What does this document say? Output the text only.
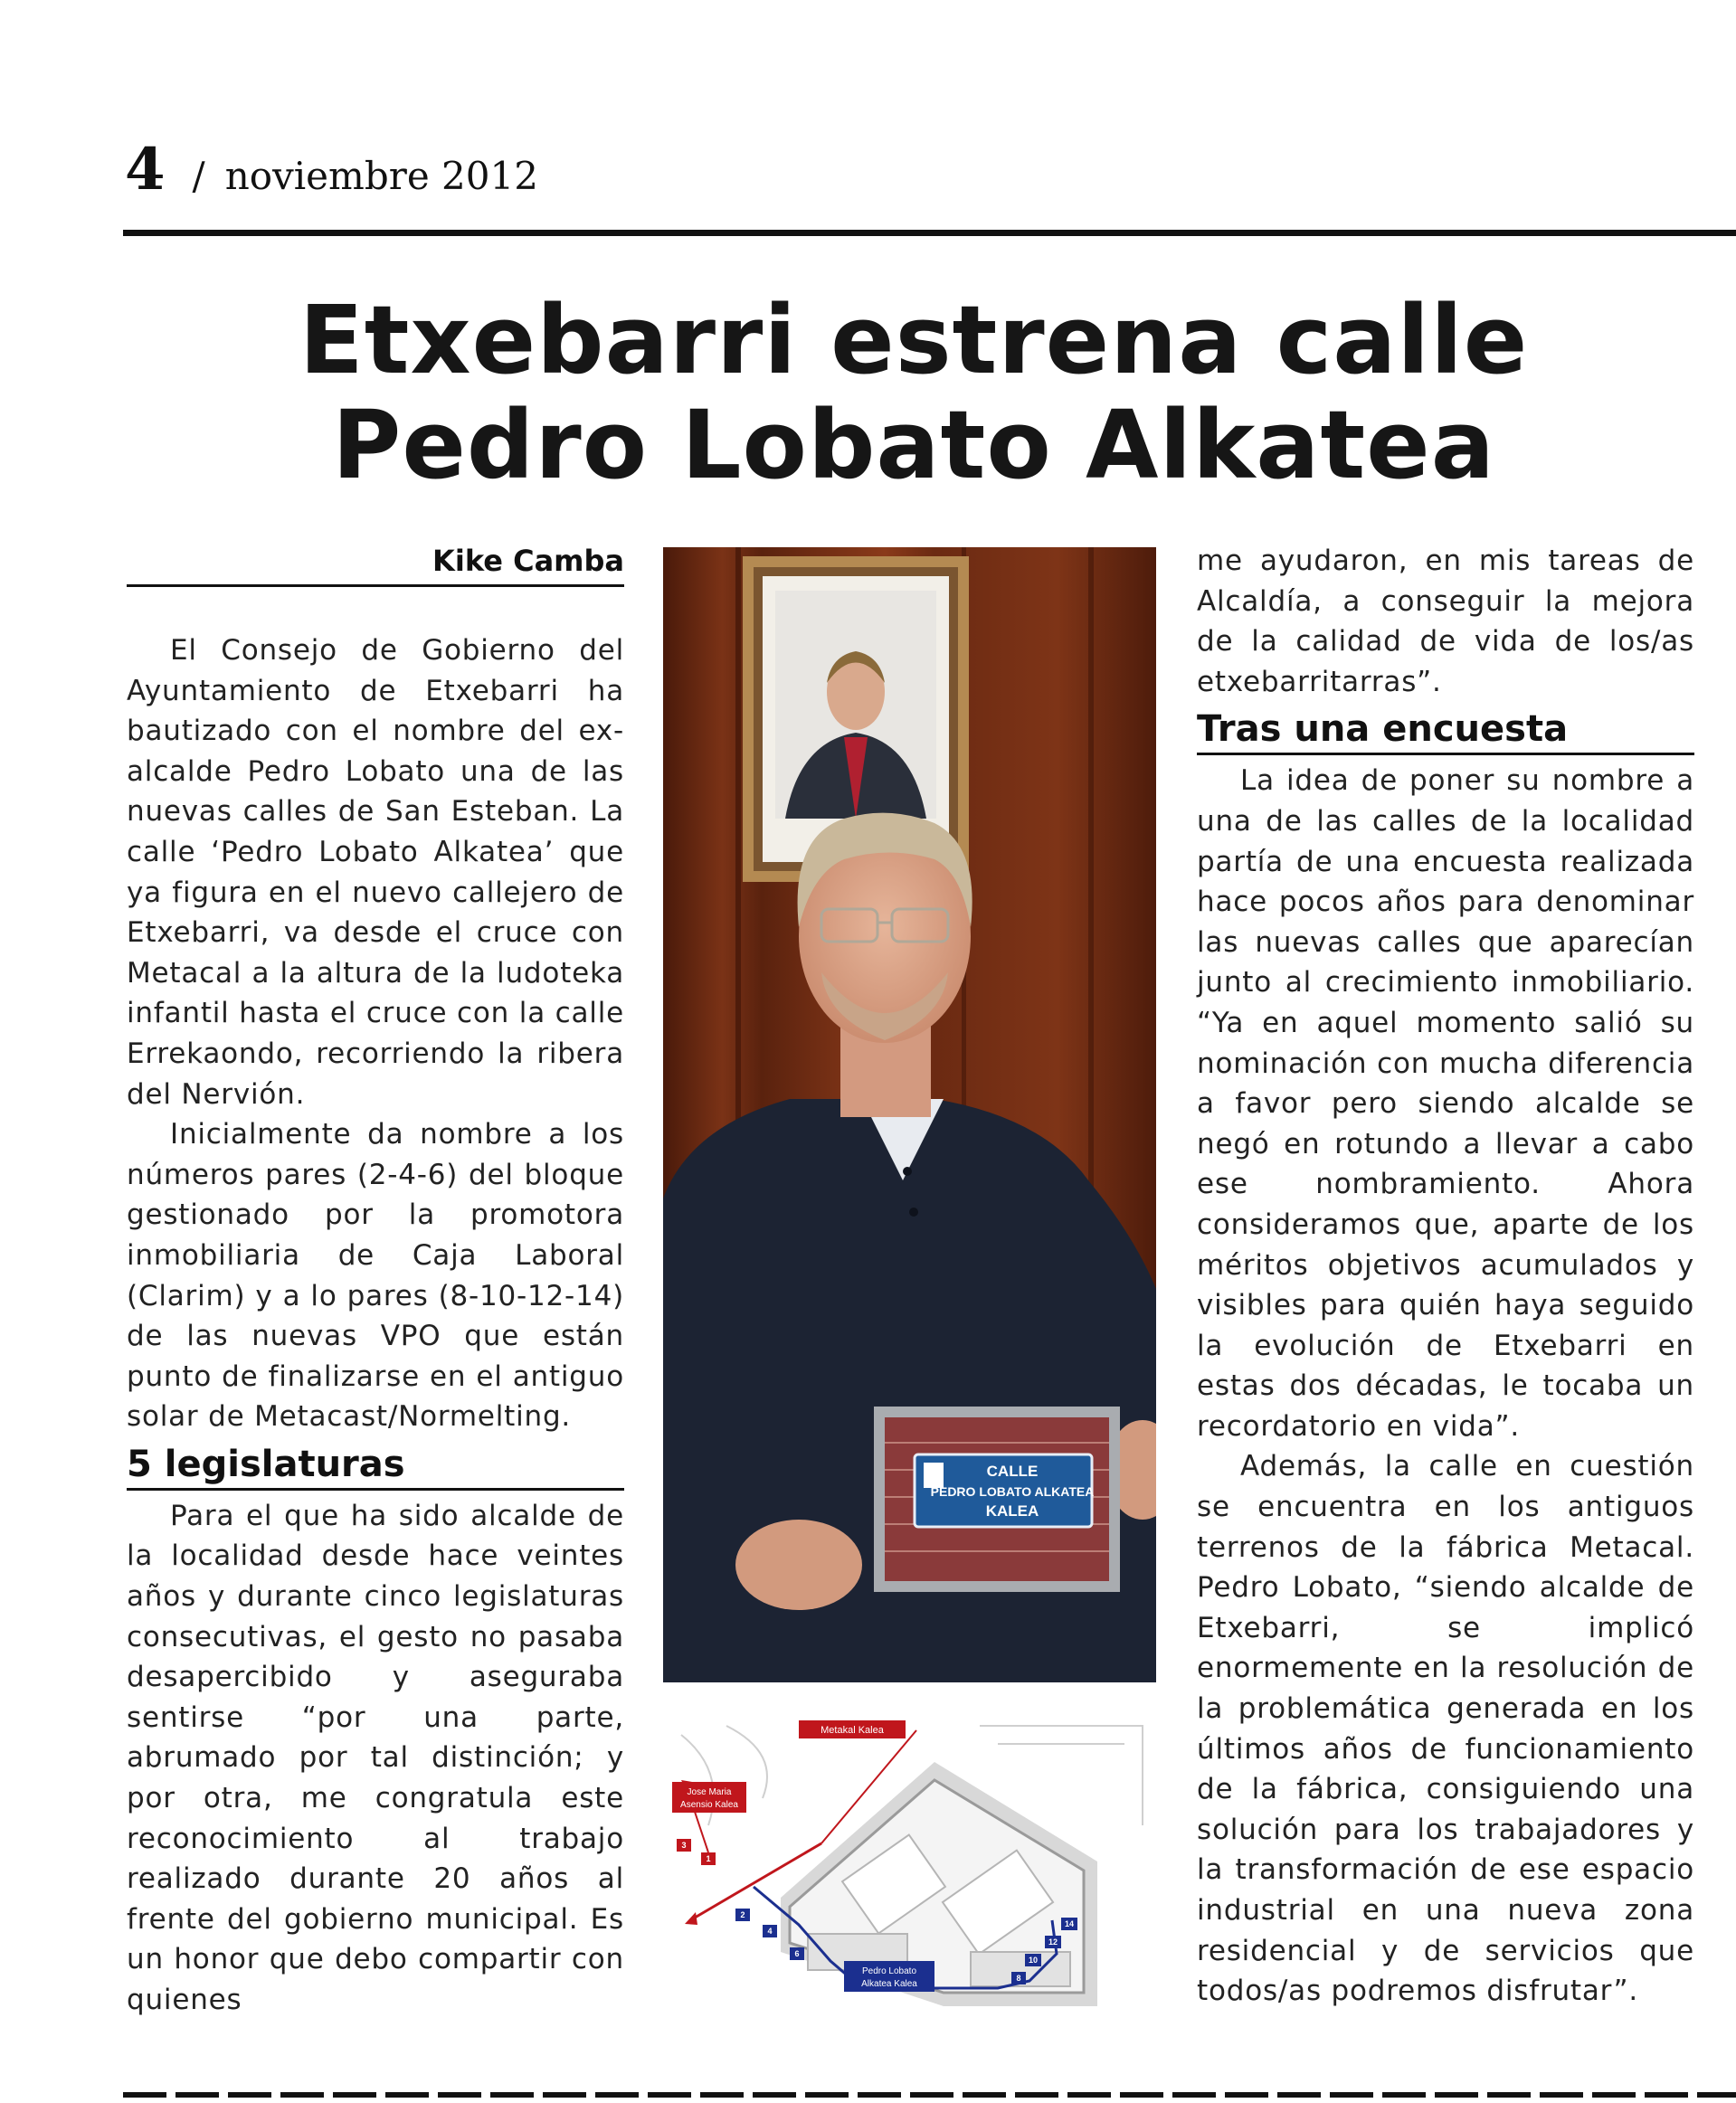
4 / noviembre 2012
Etxebarri estrena calle
Pedro Lobato Alkatea
Kike Camba

El Consejo de Gobierno del Ayuntamiento de Etxebarri ha bautizado con el nombre del ex-alcalde Pedro Lobato una de las nuevas calles de San Esteban. La calle ‘Pedro Lobato Alkatea’ que ya figura en el nuevo callejero de Etxebarri, va desde el cruce con Metacal a la altura de la ludoteka infantil hasta el cruce con la calle Errekaondo, recorriendo la ribera del Nervión.

Inicialmente da nombre a los números pares (2-4-6) del bloque gestionado por la promotora inmobiliaria de Caja Laboral (Clarim) y a lo pares (8-10-12-14) de las nuevas VPO que están punto de finalizarse en el antiguo solar de Metacast/Normelting.

5 legislaturas

Para el que ha sido alcalde de la localidad desde hace veintes años y durante cinco legislaturas consecutivas, el gesto no pasaba desapercibido y aseguraba sentirse “por una parte, abrumado por tal distinción; y por otra, me congratula este reconocimiento al trabajo realizado durante 20 años al frente del gobierno municipal. Es un honor que debo compartir con quienes

CALLE
PEDRO LOBATO ALKATEA
KALEA
Metakal Kalea
Jose Maria
Asensio Kalea
Pedro Lobato
Alkatea Kalea
3
1
2
4
6
8
10
12
14

me ayudaron, en mis tareas de Alcaldía, a conseguir la mejora de la calidad de vida de los/as etxebarritarras”.

Tras una encuesta

La idea de poner su nombre a una de las calles de la localidad partía de una encuesta realizada hace pocos años para denominar las nuevas calles que aparecían junto al crecimiento inmobiliario. “Ya en aquel momento salió su nominación con mucha diferencia a favor pero siendo alcalde se negó en rotundo a llevar a cabo ese nombramiento. Ahora consideramos que, aparte de los méritos objetivos acumulados y visibles para quién haya seguido la evolución de Etxebarri en estas dos décadas, le tocaba un recordatorio en vida”.

Además, la calle en cuestión se encuentra en los antiguos terrenos de la fábrica Metacal. Pedro Lobato, “siendo alcalde de Etxebarri, se implicó enormemente en la resolución de la problemática generada en los últimos años de funcionamiento de la fábrica, consiguiendo una solución para los trabajadores y la transformación de ese espacio industrial en una nueva zona residencial y de servicios que todos/as podremos disfrutar”.
